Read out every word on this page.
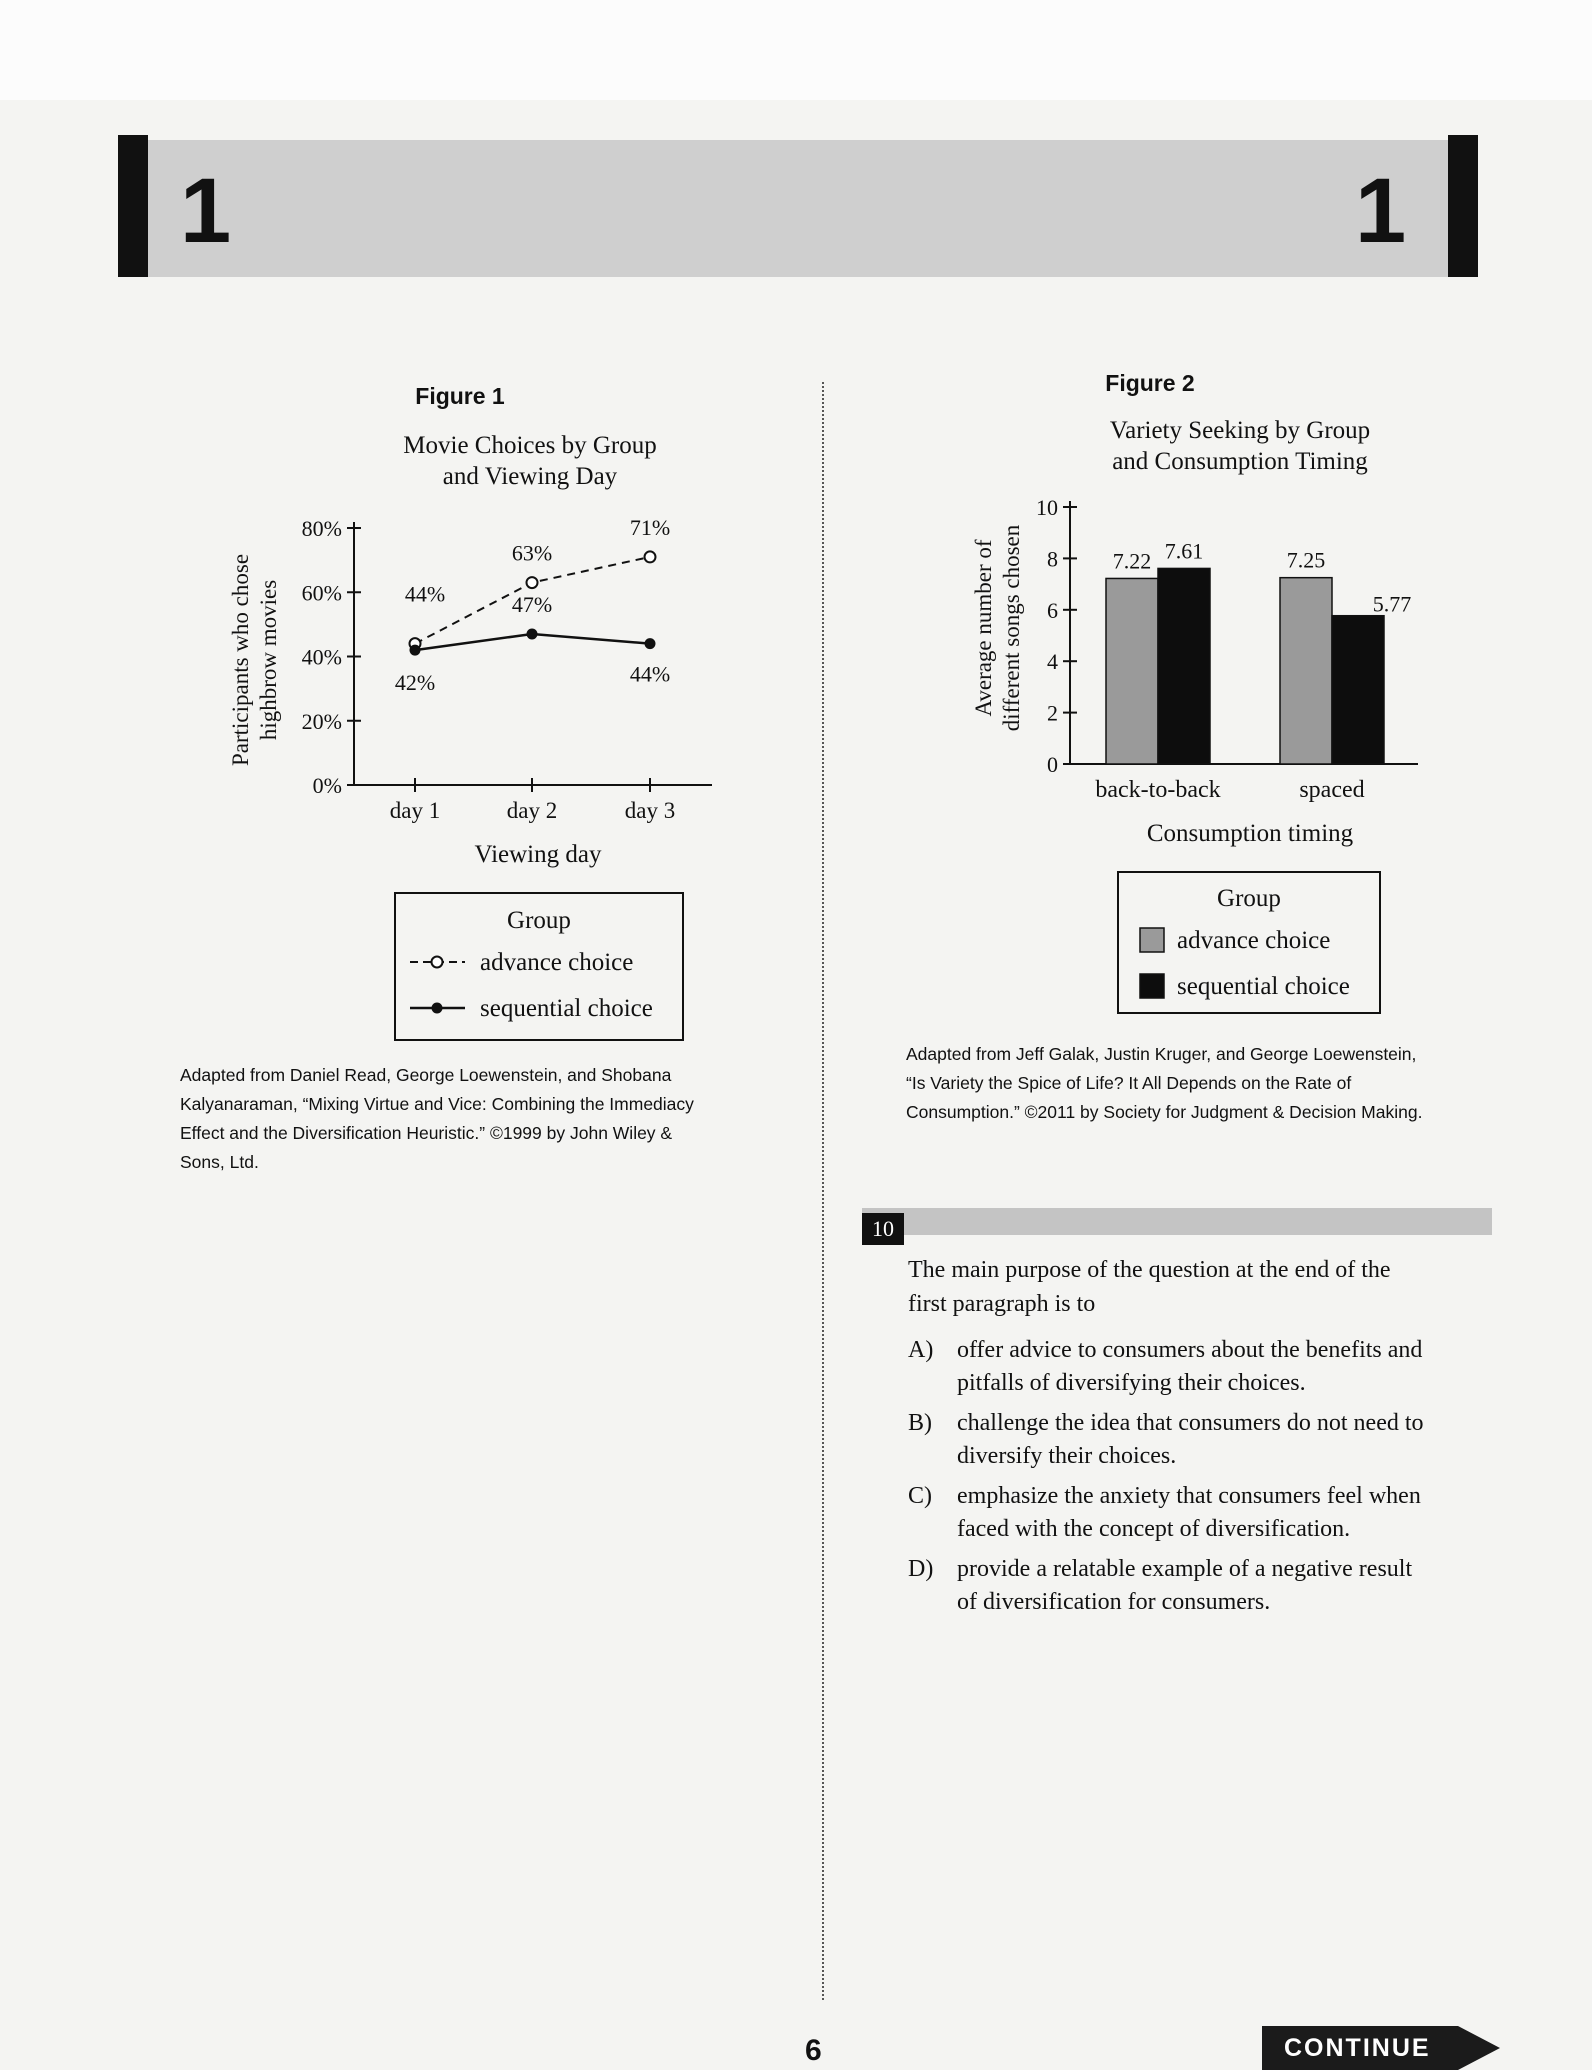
1	1
Figure 1
Movie Choices by Group
and Viewing Day
0%
20%
40%
60%
80%
day 1	day 2	day 3
Viewing day
Participants who chose highbrow movies	44%
63%
71%
42%
47%
44%
Group
advance choice
sequential choice
Adapted from Daniel Read, George Loewenstein, and Shobana
Kalyanaraman, “Mixing Virtue and Vice: Combining the Immediacy
Effect and the Diversification Heuristic.” ©1999 by John Wiley &
Sons, Ltd.
Figure 2
Variety Seeking by Group
and Consumption Timing
0
2
4
6
8
10
Average number of different songs chosen	7.22 7.61	7.25
5.77
back-to-back	spaced
Consumption timing
Group
advance choice
sequential choice
Adapted from Jeff Galak, Justin Kruger, and George Loewenstein,
“Is Variety the Spice of Life? It All Depends on the Rate of
Consumption.” ©2011 by Society for Judgment & Decision Making.
10
The main purpose of the question at the end of the
first paragraph is to
A) offer advice to consumers about the benefits and
pitfalls of diversifying their choices.
B)	challenge the idea that consumers do not need to
diversify their choices.
C)	emphasize the anxiety that consumers feel when
faced with the concept of diversification.
D) provide a relatable example of a negative result
of diversification for consumers.
6	CONTINUE
